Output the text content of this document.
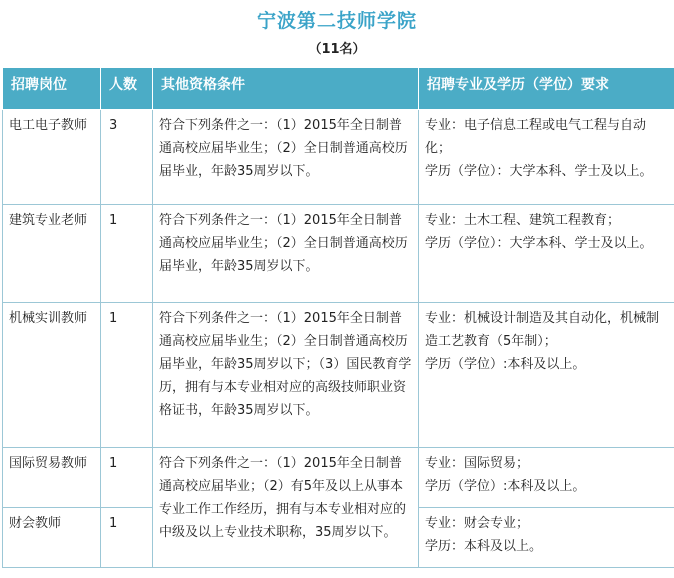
宁波第二技师学院
（11名）
招聘岗位	人数	其他资格条件	招聘专业及学历（学位）要求
电工电子教师	3	符合下列条件之一：（1）2015年全日制普通高校应届毕业生；（2）全日制普通高校历届毕业，年龄35周岁以下。	专业：电子信息工程或电气工程与自动化；
学历（学位）：大学本科、学士及以上。

建筑专业老师	1	符合下列条件之一：（1）2015年全日制普通高校应届毕业生；（2）全日制普通高校历届毕业，年龄35周岁以下。	专业：土木工程、建筑工程教育；
学历（学位）：大学本科、学士及以上。

机械实训教师	1	符合下列条件之一：（1）2015年全日制普通高校应届毕业生；（2）全日制普通高校历届毕业，年龄35周岁以下；（3）国民教育学历，拥有与本专业相对应的高级技师职业资格证书，年龄35周岁以下。	专业：机械设计制造及其自动化，机械制造工艺教育（5年制）；
学历（学位）:本科及以上。

国际贸易教师	1	符合下列条件之一：（1）2015年全日制普通高校应届毕业；（2）有5年及以上从事本专业工作工作经历，拥有与本专业相对应的中级及以上专业技术职称，35周岁以下。	专业：国际贸易；
学历（学位）:本科及以上。

财会教师	1		专业：财会专业；
学历：本科及以上。
